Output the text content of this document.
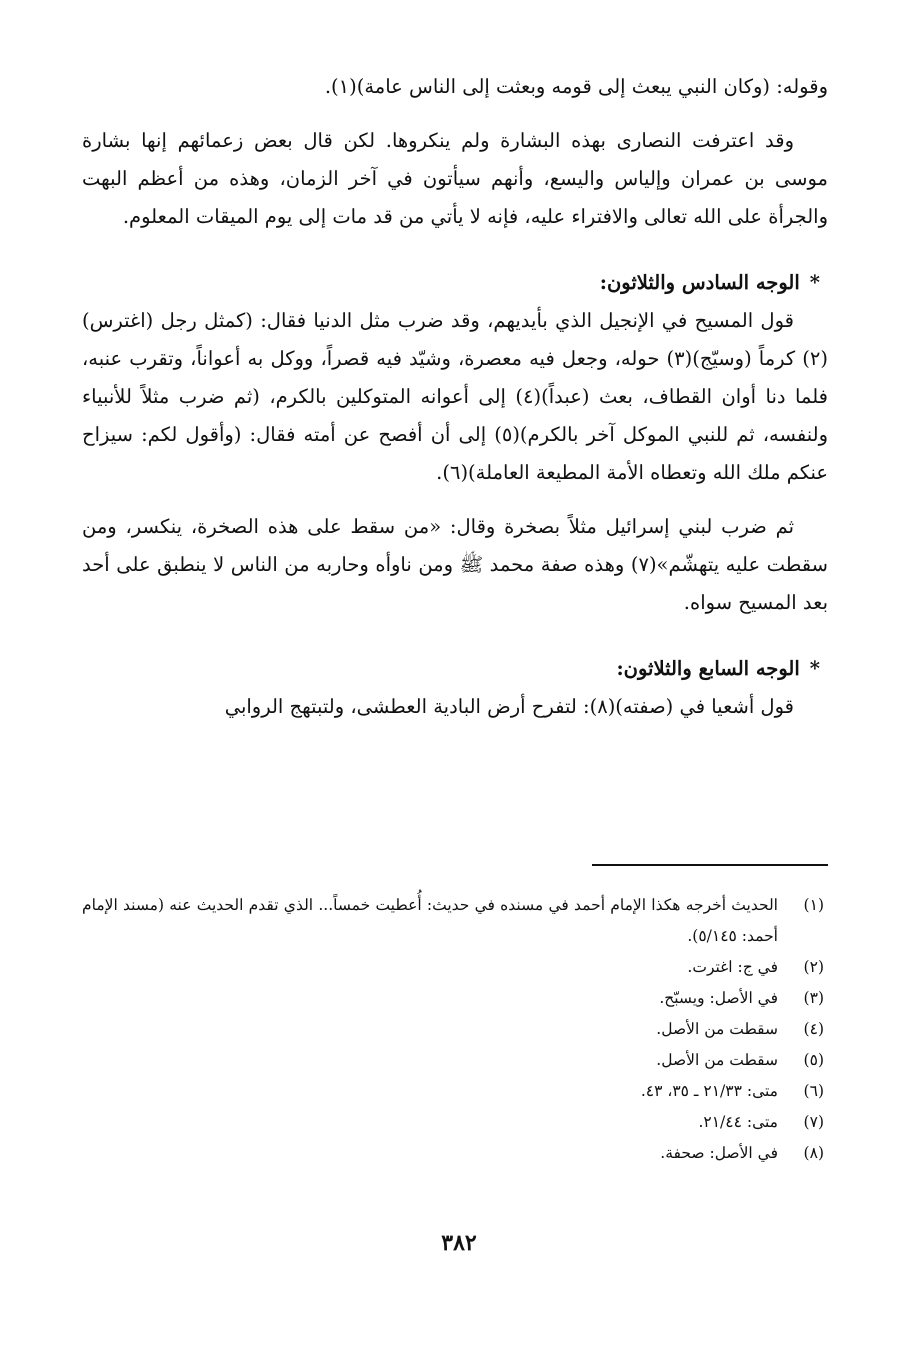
وقوله: (وكان النبي يبعث إلى قومه وبعثت إلى الناس عامة)(١).

وقد اعترفت النصارى بهذه البشارة ولم ينكروها. لكن قال بعض زعمائهم إنها بشارة موسى بن عمران وإلياس واليسع، وأنهم سيأتون في آخر الزمان، وهذه من أعظم البهت والجرأة على الله تعالى والافتراء عليه، فإنه لا يأتي من قد مات إلى يوم الميقات المعلوم.

*الوجه السادس والثلاثون:

قول المسيح في الإنجيل الذي بأيديهم، وقد ضرب مثل الدنيا فقال: (كمثل رجل (اغترس)(٢) كرماً (وسيّج)(٣) حوله، وجعل فيه معصرة، وشيّد فيه قصراً، ووكل به أعواناً، وتقرب عنبه، فلما دنا أوان القطاف، بعث (عبداً)(٤) إلى أعوانه المتوكلين بالكرم، (ثم ضرب مثلاً للأنبياء ولنفسه، ثم للنبي الموكل آخر بالكرم)(٥) إلى أن أفصح عن أمته فقال: (وأقول لكم: سيزاح عنكم ملك الله وتعطاه الأمة المطيعة العاملة)(٦).

ثم ضرب لبني إسرائيل مثلاً بصخرة وقال: «من سقط على هذه الصخرة، ينكسر، ومن سقطت عليه يتهشّم»(٧) وهذه صفة محمد ﷺ ومن ناوأه وحاربه من الناس لا ينطبق على أحد بعد المسيح سواه.

*الوجه السابع والثلاثون:

قول أشعيا في (صفته)(٨): لتفرح أرض البادية العطشى، ولتبتهج الروابي

(١)
الحديث أخرجه هكذا الإمام أحمد في مسنده في حديث: أُعطيت خمساً... الذي تقدم الحديث عنه (مسند الإمام أحمد: ٥/١٤٥).
(٢)
في ج: اغترت.
(٣)
في الأصل: ويسبّح.
(٤)
سقطت من الأصل.
(٥)
سقطت من الأصل.
(٦)
متى: ٢١/٣٣ ـ ٣٥، ٤٣.
(٧)
متى: ٢١/٤٤.
(٨)
في الأصل: صحفة.
٣٨٢
